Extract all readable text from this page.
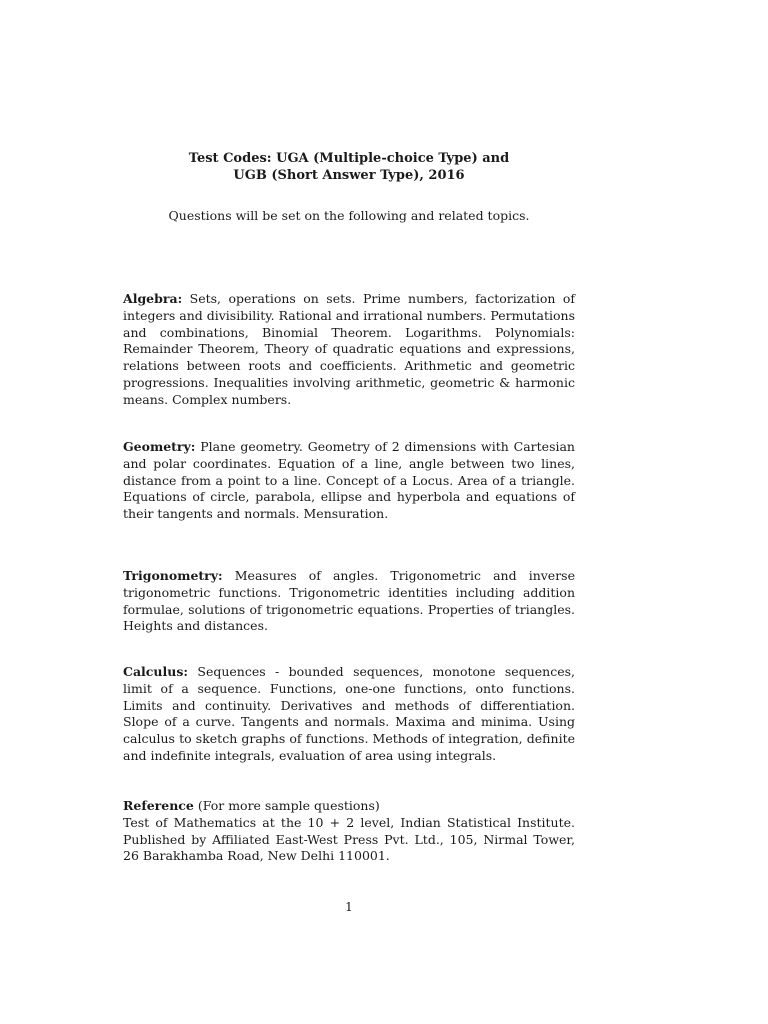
Test Codes: UGA (Multiple-choice Type) and
UGB (Short Answer Type), 2016
Questions will be set on the following and related topics.
Algebra: Sets, operations on sets. Prime numbers, factorization of integers and divisibility. Rational and irrational numbers. Permutations and combinations, Binomial Theorem. Logarithms. Polynomials: Remainder Theorem, Theory of quadratic equations and expressions, relations between roots and coefficients. Arithmetic and geometric progressions. Inequalities involving arithmetic, geometric & harmonic means. Complex numbers.
Geometry: Plane geometry. Geometry of 2 dimensions with Cartesian and polar coordinates. Equation of a line, angle between two lines, distance from a point to a line. Concept of a Locus. Area of a triangle. Equations of circle, parabola, ellipse and hyperbola and equations of their tangents and normals. Mensuration.
Trigonometry: Measures of angles. Trigonometric and inverse trigonometric functions. Trigonometric identities including addition formulae, solutions of trigonometric equations. Properties of triangles. Heights and distances.
Calculus: Sequences - bounded sequences, monotone sequences, limit of a sequence. Functions, one-one functions, onto functions. Limits and continuity. Derivatives and methods of differentiation. Slope of a curve. Tangents and normals. Maxima and minima. Using calculus to sketch graphs of functions. Methods of integration, definite and indefinite integrals, evaluation of area using integrals.
Reference (For more sample questions)
Test of Mathematics at the 10 + 2 level, Indian Statistical Institute. Published by Affiliated East-West Press Pvt. Ltd., 105, Nirmal Tower, 26 Barakhamba Road, New Delhi 110001.
1
